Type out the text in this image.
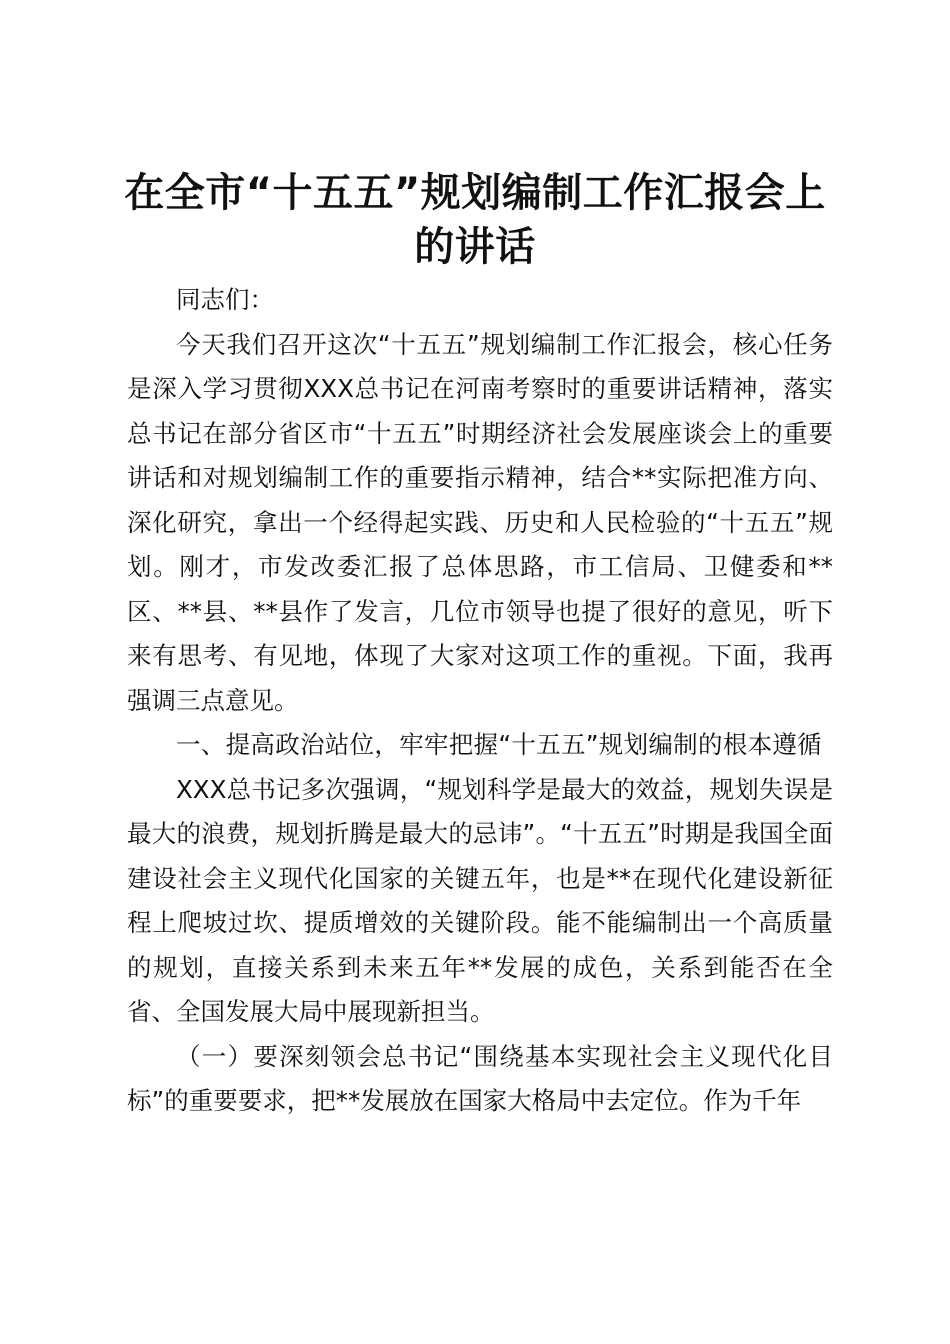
在全市“十五五”规划编制工作汇报会上的讲话

同志们：

今天我们召开这次“十五五”规划编制工作汇报会，核心任务是深入学习贯彻XXX总书记在河南考察时的重要讲话精神，落实总书记在部分省区市“十五五”时期经济社会发展座谈会上的重要讲话和对规划编制工作的重要指示精神，结合**实际把准方向、深化研究，拿出一个经得起实践、历史和人民检验的“十五五”规划。刚才，市发改委汇报了总体思路，市工信局、卫健委和**区、**县、**县作了发言，几位市领导也提了很好的意见，听下来有思考、有见地，体现了大家对这项工作的重视。下面，我再强调三点意见。

一、提高政治站位，牢牢把握“十五五”规划编制的根本遵循

XXX总书记多次强调，“规划科学是最大的效益，规划失误是最大的浪费，规划折腾是最大的忌讳”。“十五五”时期是我国全面建设社会主义现代化国家的关键五年，也是**在现代化建设新征程上爬坡过坎、提质增效的关键阶段。能不能编制出一个高质量的规划，直接关系到未来五年**发展的成色，关系到能否在全省、全国发展大局中展现新担当。

（一）要深刻领会总书记“围绕基本实现社会主义现代化目标”的重要要求，把**发展放在国家大格局中去定位。作为千年
